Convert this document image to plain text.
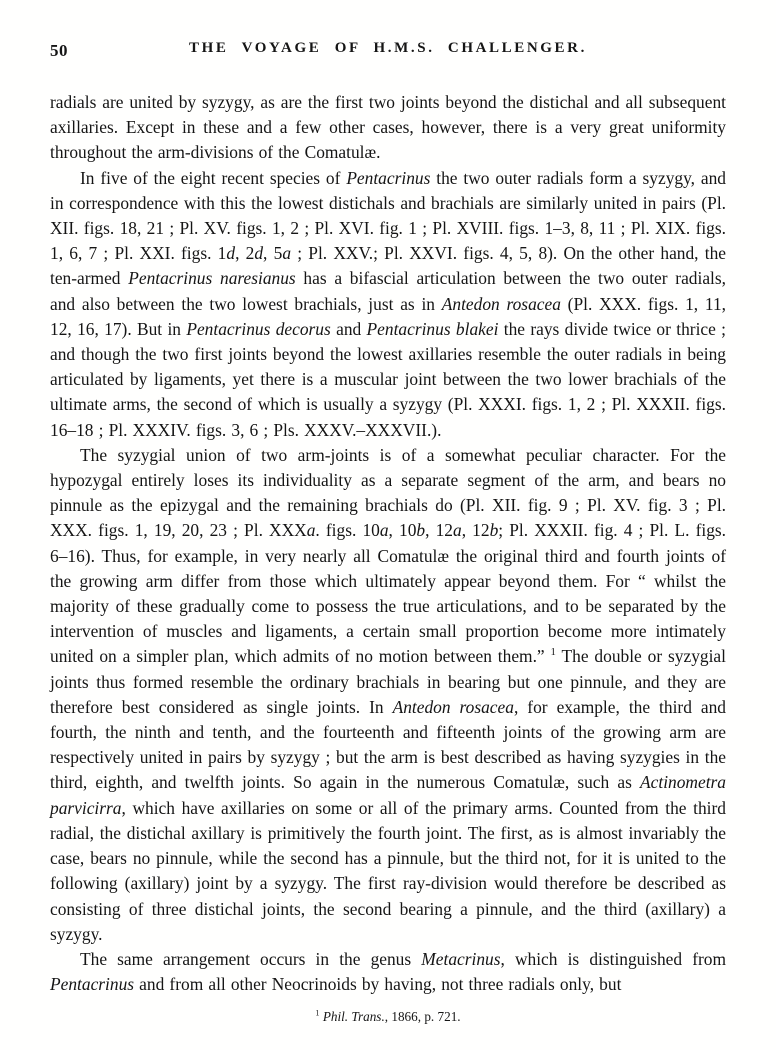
50	THE VOYAGE OF H.M.S. CHALLENGER.

radials are united by syzygy, as are the first two joints beyond the distichal and all subsequent axillaries. Except in these and a few other cases, however, there is a very great uniformity throughout the arm-divisions of the Comatulæ.

In five of the eight recent species of Pentacrinus the two outer radials form a syzygy, and in correspondence with this the lowest distichals and brachials are similarly united in pairs (Pl. XII. figs. 18, 21 ; Pl. XV. figs. 1, 2 ; Pl. XVI. fig. 1 ; Pl. XVIII. figs. 1–3, 8, 11 ; Pl. XIX. figs. 1, 6, 7 ; Pl. XXI. figs. 1d, 2d, 5a ; Pl. XXV.; Pl. XXVI. figs. 4, 5, 8). On the other hand, the ten-armed Pentacrinus naresianus has a bifascial articulation between the two outer radials, and also between the two lowest brachials, just as in Antedon rosacea (Pl. XXX. figs. 1, 11, 12, 16, 17). But in Pentacrinus decorus and Pentacrinus blakei the rays divide twice or thrice ; and though the two first joints beyond the lowest axillaries resemble the outer radials in being articulated by ligaments, yet there is a muscular joint between the two lower brachials of the ultimate arms, the second of which is usually a syzygy (Pl. XXXI. figs. 1, 2 ; Pl. XXXII. figs. 16–18 ; Pl. XXXIV. figs. 3, 6 ; Pls. XXXV.–XXXVII.).

The syzygial union of two arm-joints is of a somewhat peculiar character. For the hypozygal entirely loses its individuality as a separate segment of the arm, and bears no pinnule as the epizygal and the remaining brachials do (Pl. XII. fig. 9 ; Pl. XV. fig. 3 ; Pl. XXX. figs. 1, 19, 20, 23 ; Pl. XXXa. figs. 10a, 10b, 12a, 12b; Pl. XXXII. fig. 4 ; Pl. L. figs. 6–16). Thus, for example, in very nearly all Comatulæ the original third and fourth joints of the growing arm differ from those which ultimately appear beyond them. For “ whilst the majority of these gradually come to possess the true articulations, and to be separated by the intervention of muscles and ligaments, a certain small proportion become more intimately united on a simpler plan, which admits of no motion between them.” $^1$ The double or syzygial joints thus formed resemble the ordinary brachials in bearing but one pinnule, and they are therefore best considered as single joints. In Antedon rosacea, for example, the third and fourth, the ninth and tenth, and the fourteenth and fifteenth joints of the growing arm are respectively united in pairs by syzygy ; but the arm is best described as having syzygies in the third, eighth, and twelfth joints. So again in the numerous Comatulæ, such as Actinometra parvicirra, which have axillaries on some or all of the primary arms. Counted from the third radial, the distichal axillary is primitively the fourth joint. The first, as is almost invariably the case, bears no pinnule, while the second has a pinnule, but the third not, for it is united to the following (axillary) joint by a syzygy. The first ray-division would therefore be described as consisting of three distichal joints, the second bearing a pinnule, and the third (axillary) a syzygy.

The same arrangement occurs in the genus Metacrinus, which is distinguished from Pentacrinus and from all other Neocrinoids by having, not three radials only, but

$^1$ Phil. Trans., 1866, p. 721.
